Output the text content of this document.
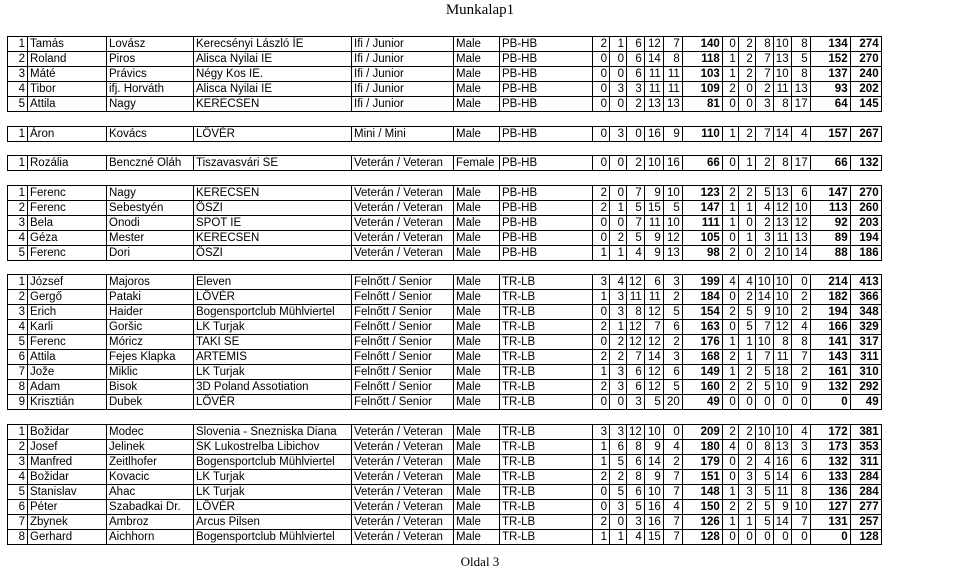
Munkalap1
1	Tamás	Lovász	Kerecsényi László ÍE	Ifi / Junior	Male	PB-HB	2	1	6	12	7	140	0	2	8	10	8	134	274
2	Roland	Piros	Alisca Nyilai IE	Ifi / Junior	Male	PB-HB	0	0	6	14	8	118	1	2	7	13	5	152	270
3	Máté	Právics	Négy Kos IE.	Ifi / Junior	Male	PB-HB	0	0	6	11	11	103	1	2	7	10	8	137	240
4	Tibor	ifj. Horváth	Alisca Nyilai IE	Ifi / Junior	Male	PB-HB	0	3	3	11	11	109	2	0	2	11	13	93	202
5	Attila	Nagy	KERECSEN	Ifi / Junior	Male	PB-HB	0	0	2	13	13	81	0	0	3	8	17	64	145

1	Áron	Kovács	LÖVÉR	Mini / Mini	Male	PB-HB	0	3	0	16	9	110	1	2	7	14	4	157	267

1	Rozália	Benczné Oláh	Tiszavasvári SE	Veterán / Veteran	Female	PB-HB	0	0	2	10	16	66	0	1	2	8	17	66	132

1	Ferenc	Nagy	KERECSEN	Veterán / Veteran	Male	PB-HB	2	0	7	9	10	123	2	2	5	13	6	147	270
2	Ferenc	Sebestyén	ÖSZI	Veterán / Veteran	Male	PB-HB	2	1	5	15	5	147	1	1	4	12	10	113	260
3	Bela	Onodi	SPOT IE	Veterán / Veteran	Male	PB-HB	0	0	7	11	10	111	1	0	2	13	12	92	203
4	Géza	Mester	KERECSEN	Veterán / Veteran	Male	PB-HB	0	2	5	9	12	105	0	1	3	11	13	89	194
5	Ferenc	Dori	ÖSZI	Veterán / Veteran	Male	PB-HB	1	1	4	9	13	98	2	0	2	10	14	88	186

1	József	Majoros	Eleven	Felnőtt / Senior	Male	TR-LB	3	4	12	6	3	199	4	4	10	10	0	214	413
2	Gergő	Pataki	LÖVÉR	Felnőtt / Senior	Male	TR-LB	1	3	11	11	2	184	0	2	14	10	2	182	366
3	Erich	Haider	Bogensportclub Mühlviertel	Felnőtt / Senior	Male	TR-LB	0	3	8	12	5	154	2	5	9	10	2	194	348
4	Karli	Goršic	LK Turjak	Felnőtt / Senior	Male	TR-LB	2	1	12	7	6	163	0	5	7	12	4	166	329
5	Ferenc	Móricz	TAKI SE	Felnőtt / Senior	Male	TR-LB	0	2	12	12	2	176	1	1	10	8	8	141	317
6	Attila	Fejes Klapka	ARTEMIS	Felnőtt / Senior	Male	TR-LB	2	2	7	14	3	168	2	1	7	11	7	143	311
7	Jože	Miklic	LK Turjak	Felnőtt / Senior	Male	TR-LB	1	3	6	12	6	149	1	2	5	18	2	161	310
8	Adam	Bisok	3D Poland Assotiation	Felnőtt / Senior	Male	TR-LB	2	3	6	12	5	160	2	2	5	10	9	132	292
9	Krisztián	Dubek	LÖVÉR	Felnőtt / Senior	Male	TR-LB	0	0	3	5	20	49	0	0	0	0	0	0	49

1	Božidar	Modec	Slovenia - Snezniska Diana	Veterán / Veteran	Male	TR-LB	3	3	12	10	0	209	2	2	10	10	4	172	381
2	Josef	Jelinek	SK Lukostrelba Libichov	Veterán / Veteran	Male	TR-LB	1	6	8	9	4	180	4	0	8	13	3	173	353
3	Manfred	Zeitlhofer	Bogensportclub Mühlviertel	Veterán / Veteran	Male	TR-LB	1	5	6	14	2	179	0	2	4	16	6	132	311
4	Božidar	Kovacic	LK Turjak	Veterán / Veteran	Male	TR-LB	2	2	8	9	7	151	0	3	5	14	6	133	284
5	Stanislav	Ahac	LK Turjak	Veterán / Veteran	Male	TR-LB	0	5	6	10	7	148	1	3	5	11	8	136	284
6	Péter	Szabadkai Dr.	LÖVÉR	Veterán / Veteran	Male	TR-LB	0	3	5	16	4	150	2	2	5	9	10	127	277
7	Zbynek	Ambroz	Arcus Pilsen	Veterán / Veteran	Male	TR-LB	2	0	3	16	7	126	1	1	5	14	7	131	257
8	Gerhard	Aichhorn	Bogensportclub Mühlviertel	Veterán / Veteran	Male	TR-LB	1	1	4	15	7	128	0	0	0	0	0	0	128
Oldal 3
